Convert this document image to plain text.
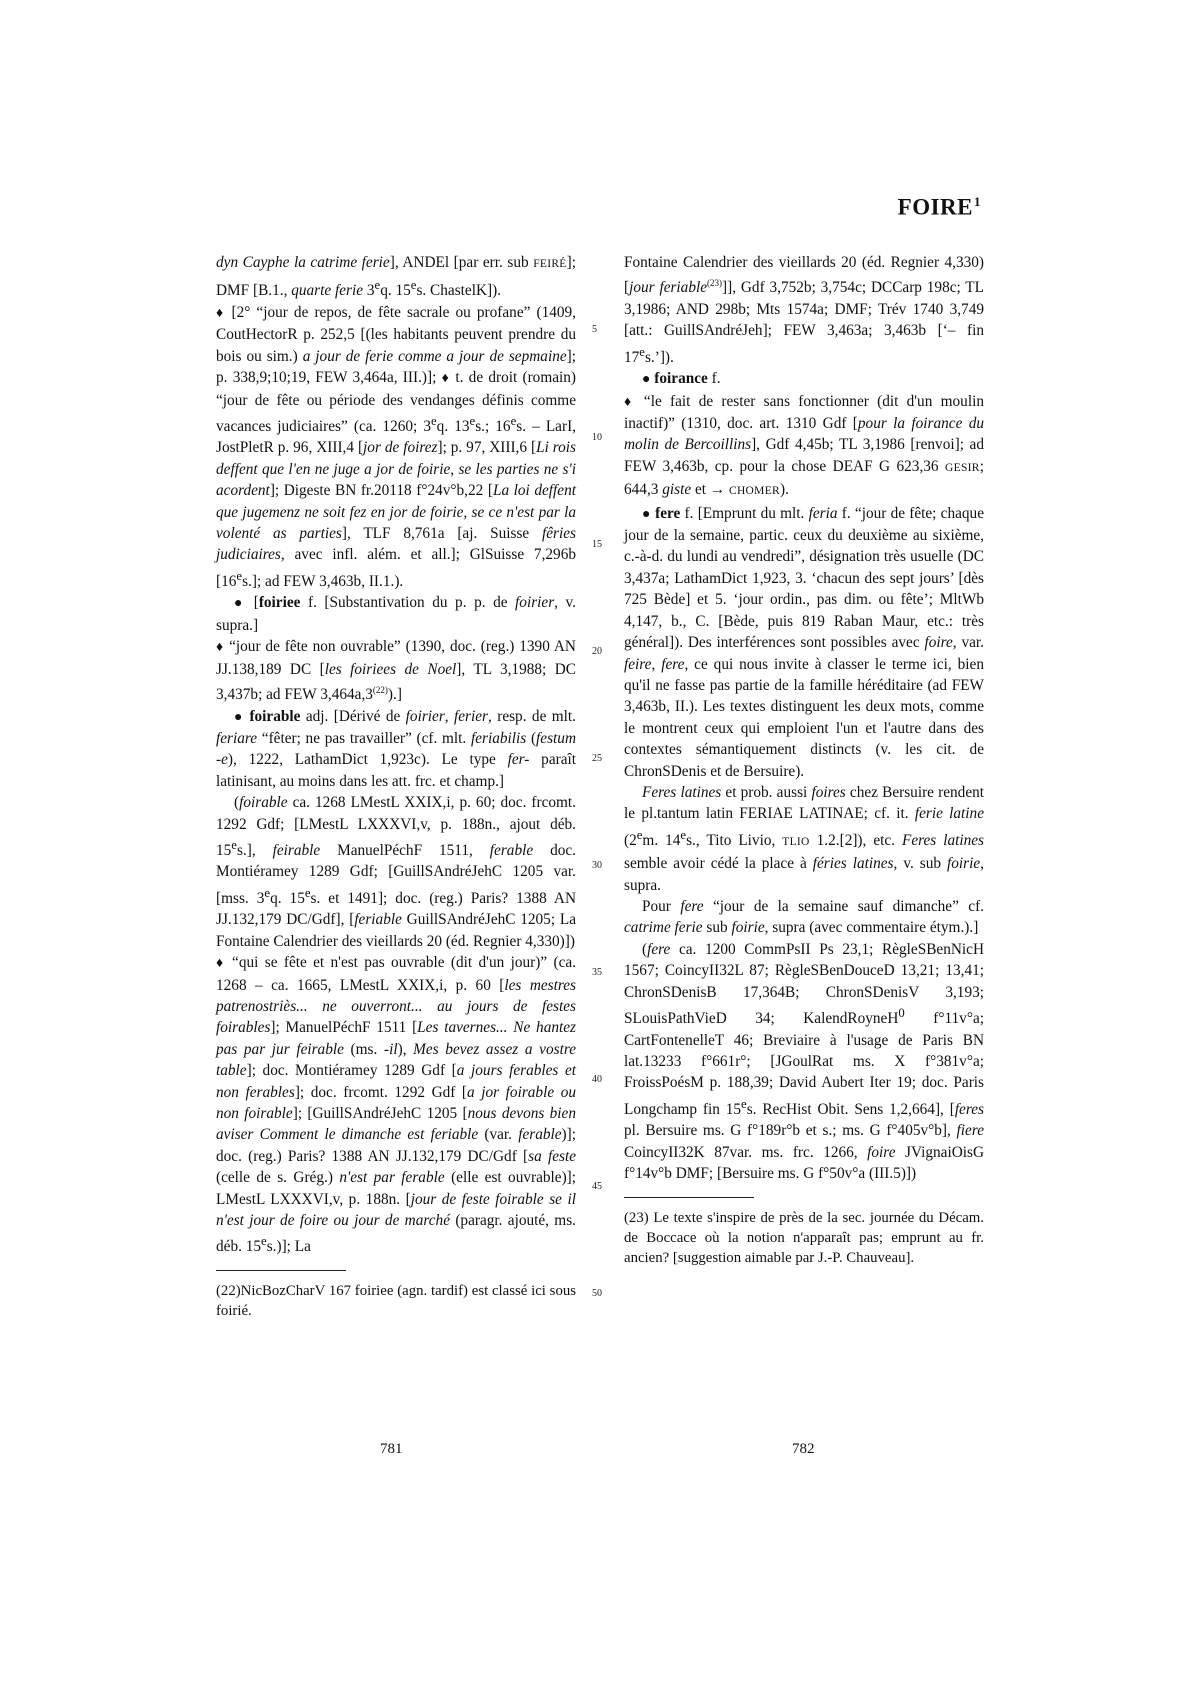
FOIRE$^1$

dyn Cayphe la catrime ferie], ANDEl [par err. sub FEIRÉ]; DMF [B.1., quarte ferie 3eq. 15es. ChastelK]).

♦ [2° “jour de repos, de fête sacrale ou profane” (1409, CoutHectorR p. 252,5 [(les habitants peuvent prendre du bois ou sim.) a jour de ferie comme a jour de sepmaine]; p. 338,9;10;19, FEW 3,464a, III.)]; ♦ t. de droit (romain) “jour de fête ou période des vendanges définis comme vacances judiciaires” (ca. 1260; 3eq. 13es.; 16es. – LarI, JostPletR p. 96, XIII,4 [jor de foirez]; p. 97, XIII,6 [Li rois deffent que l'en ne juge a jor de foirie, se les parties ne s'i acordent]; Digeste BN fr.20118 f°24v°b,22 [La loi deffent que jugemenz ne soit fez en jor de foirie, se ce n'est par la volenté as parties], TLF 8,761a [aj. Suisse fêries judiciaires, avec infl. além. et all.]; GlSuisse 7,296b [16es.]; ad FEW 3,463b, II.1.).

● [foiriee f. [Substantivation du p. p. de foirier, v. supra.]

♦ “jour de fête non ouvrable” (1390, doc. (reg.) 1390 AN JJ.138,189 DC [les foiriees de Noel], TL 3,1988; DC 3,437b; ad FEW 3,464a,3$^{(22)}$).]

● foirable adj. [Dérivé de foirier, ferier, resp. de mlt. feriare “fêter; ne pas travailler” (cf. mlt. feriabilis (festum -e), 1222, LathamDict 1,923c). Le type fer- paraît latinisant, au moins dans les att. frc. et champ.]

(foirable ca. 1268 LMestL XXIX,i, p. 60; doc. frcomt. 1292 Gdf; [LMestL LXXXVI,v, p. 188n., ajout déb. 15es.], feirable ManuelPéchF 1511, ferable doc. Montiéramey 1289 Gdf; [GuillSAndréJehC 1205 var. [mss. 3eq. 15es. et 1491]; doc. (reg.) Paris? 1388 AN JJ.132,179 DC/Gdf], [feriable GuillSAndréJehC 1205; La Fontaine Calendrier des vieillards 20 (éd. Regnier 4,330)])

♦ “qui se fête et n'est pas ouvrable (dit d'un jour)” (ca. 1268 – ca. 1665, LMestL XXIX,i, p. 60 [les mestres patrenostriès... ne ouverront... au jours de festes foirables]; ManuelPéchF 1511 [Les tavernes... Ne hantez pas par jur feirable (ms. -il), Mes bevez assez a vostre table]; doc. Montiéramey 1289 Gdf [a jours ferables et non ferables]; doc. frcomt. 1292 Gdf [a jor foirable ou non foirable]; [GuillSAndréJehC 1205 [nous devons bien aviser Comment le dimanche est feriable (var. ferable)]; doc. (reg.) Paris? 1388 AN JJ.132,179 DC/Gdf [sa feste (celle de s. Grég.) n'est par ferable (elle est ouvrable)]; LMestL LXXXVI,v, p. 188n. [jour de feste foirable se il n'est jour de foire ou jour de marché (paragr. ajouté, ms. déb. 15es.)]; La

(22)NicBozCharV 167 foiriee (agn. tardif) est classé ici sous foirié.

5
10
15
20
25
30
35
40
45
50

Fontaine Calendrier des vieillards 20 (éd. Regnier 4,330) [jour feriable$^{(23)}$]], Gdf 3,752b; 3,754c; DCCarp 198c; TL 3,1986; AND 298b; Mts 1574a; DMF; Trév 1740 3,749 [att.: GuillSAndréJeh]; FEW 3,463a; 3,463b [‘– fin 17es.’]).

● foirance f.

♦ “le fait de rester sans fonctionner (dit d'un moulin inactif)” (1310, doc. art. 1310 Gdf [pour la foirance du molin de Bercoillins], Gdf 4,45b; TL 3,1986 [renvoi]; ad FEW 3,463b, cp. pour la chose DEAF G 623,36 GESIR; 644,3 giste et → CHOMER).

● fere f. [Emprunt du mlt. feria f. “jour de fête; chaque jour de la semaine, partic. ceux du deuxième au sixième, c.-à-d. du lundi au vendredi”, désignation très usuelle (DC 3,437a; LathamDict 1,923, 3. ‘chacun des sept jours’ [dès 725 Bède] et 5. ‘jour ordin., pas dim. ou fête’; MltWb 4,147, b., C. [Bède, puis 819 Raban Maur, etc.: très général]). Des interférences sont possibles avec foire, var. feire, fere, ce qui nous invite à classer le terme ici, bien qu'il ne fasse pas partie de la famille héréditaire (ad FEW 3,463b, II.). Les textes distinguent les deux mots, comme le montrent ceux qui emploient l'un et l'autre dans des contextes sémantiquement distincts (v. les cit. de ChronSDenis et de Bersuire).

Feres latines et prob. aussi foires chez Bersuire rendent le pl.tantum latin FERIAE LATINAE; cf. it. ferie latine (2em. 14es., Tito Livio, TLIO 1.2.[2]), etc. Feres latines semble avoir cédé la place à féries latines, v. sub foirie, supra.

Pour fere “jour de la semaine sauf dimanche” cf. catrime ferie sub foirie, supra (avec commentaire étym.).]

(fere ca. 1200 CommPsII Ps 23,1; RègleSBenNicH 1567; CoincyII32L 87; RègleSBenDouceD 13,21; 13,41; ChronSDenisB 17,364B; ChronSDenisV 3,193; SLouisPathVieD 34; KalendRoyneH$^0$ f°11v°a; CartFontenelleT 46; Breviaire à l'usage de Paris BN lat.13233 f°661r°; [JGoulRat ms. X f°381v°a; FroissPoésM p. 188,39; David Aubert Iter 19; doc. Paris Longchamp fin 15es. RecHist Obit. Sens 1,2,664], [feres pl. Bersuire ms. G f°189r°b et s.; ms. G f°405v°b], fiere CoincyII32K 87var. ms. frc. 1266, foire JVignaiOisG f°14v°b DMF; [Bersuire ms. G f°50v°a (III.5)])

(23) Le texte s'inspire de près de la sec. journée du Décam. de Boccace où la notion n'apparaît pas; emprunt au fr. ancien? [suggestion aimable par J.-P. Chauveau].

781	782
